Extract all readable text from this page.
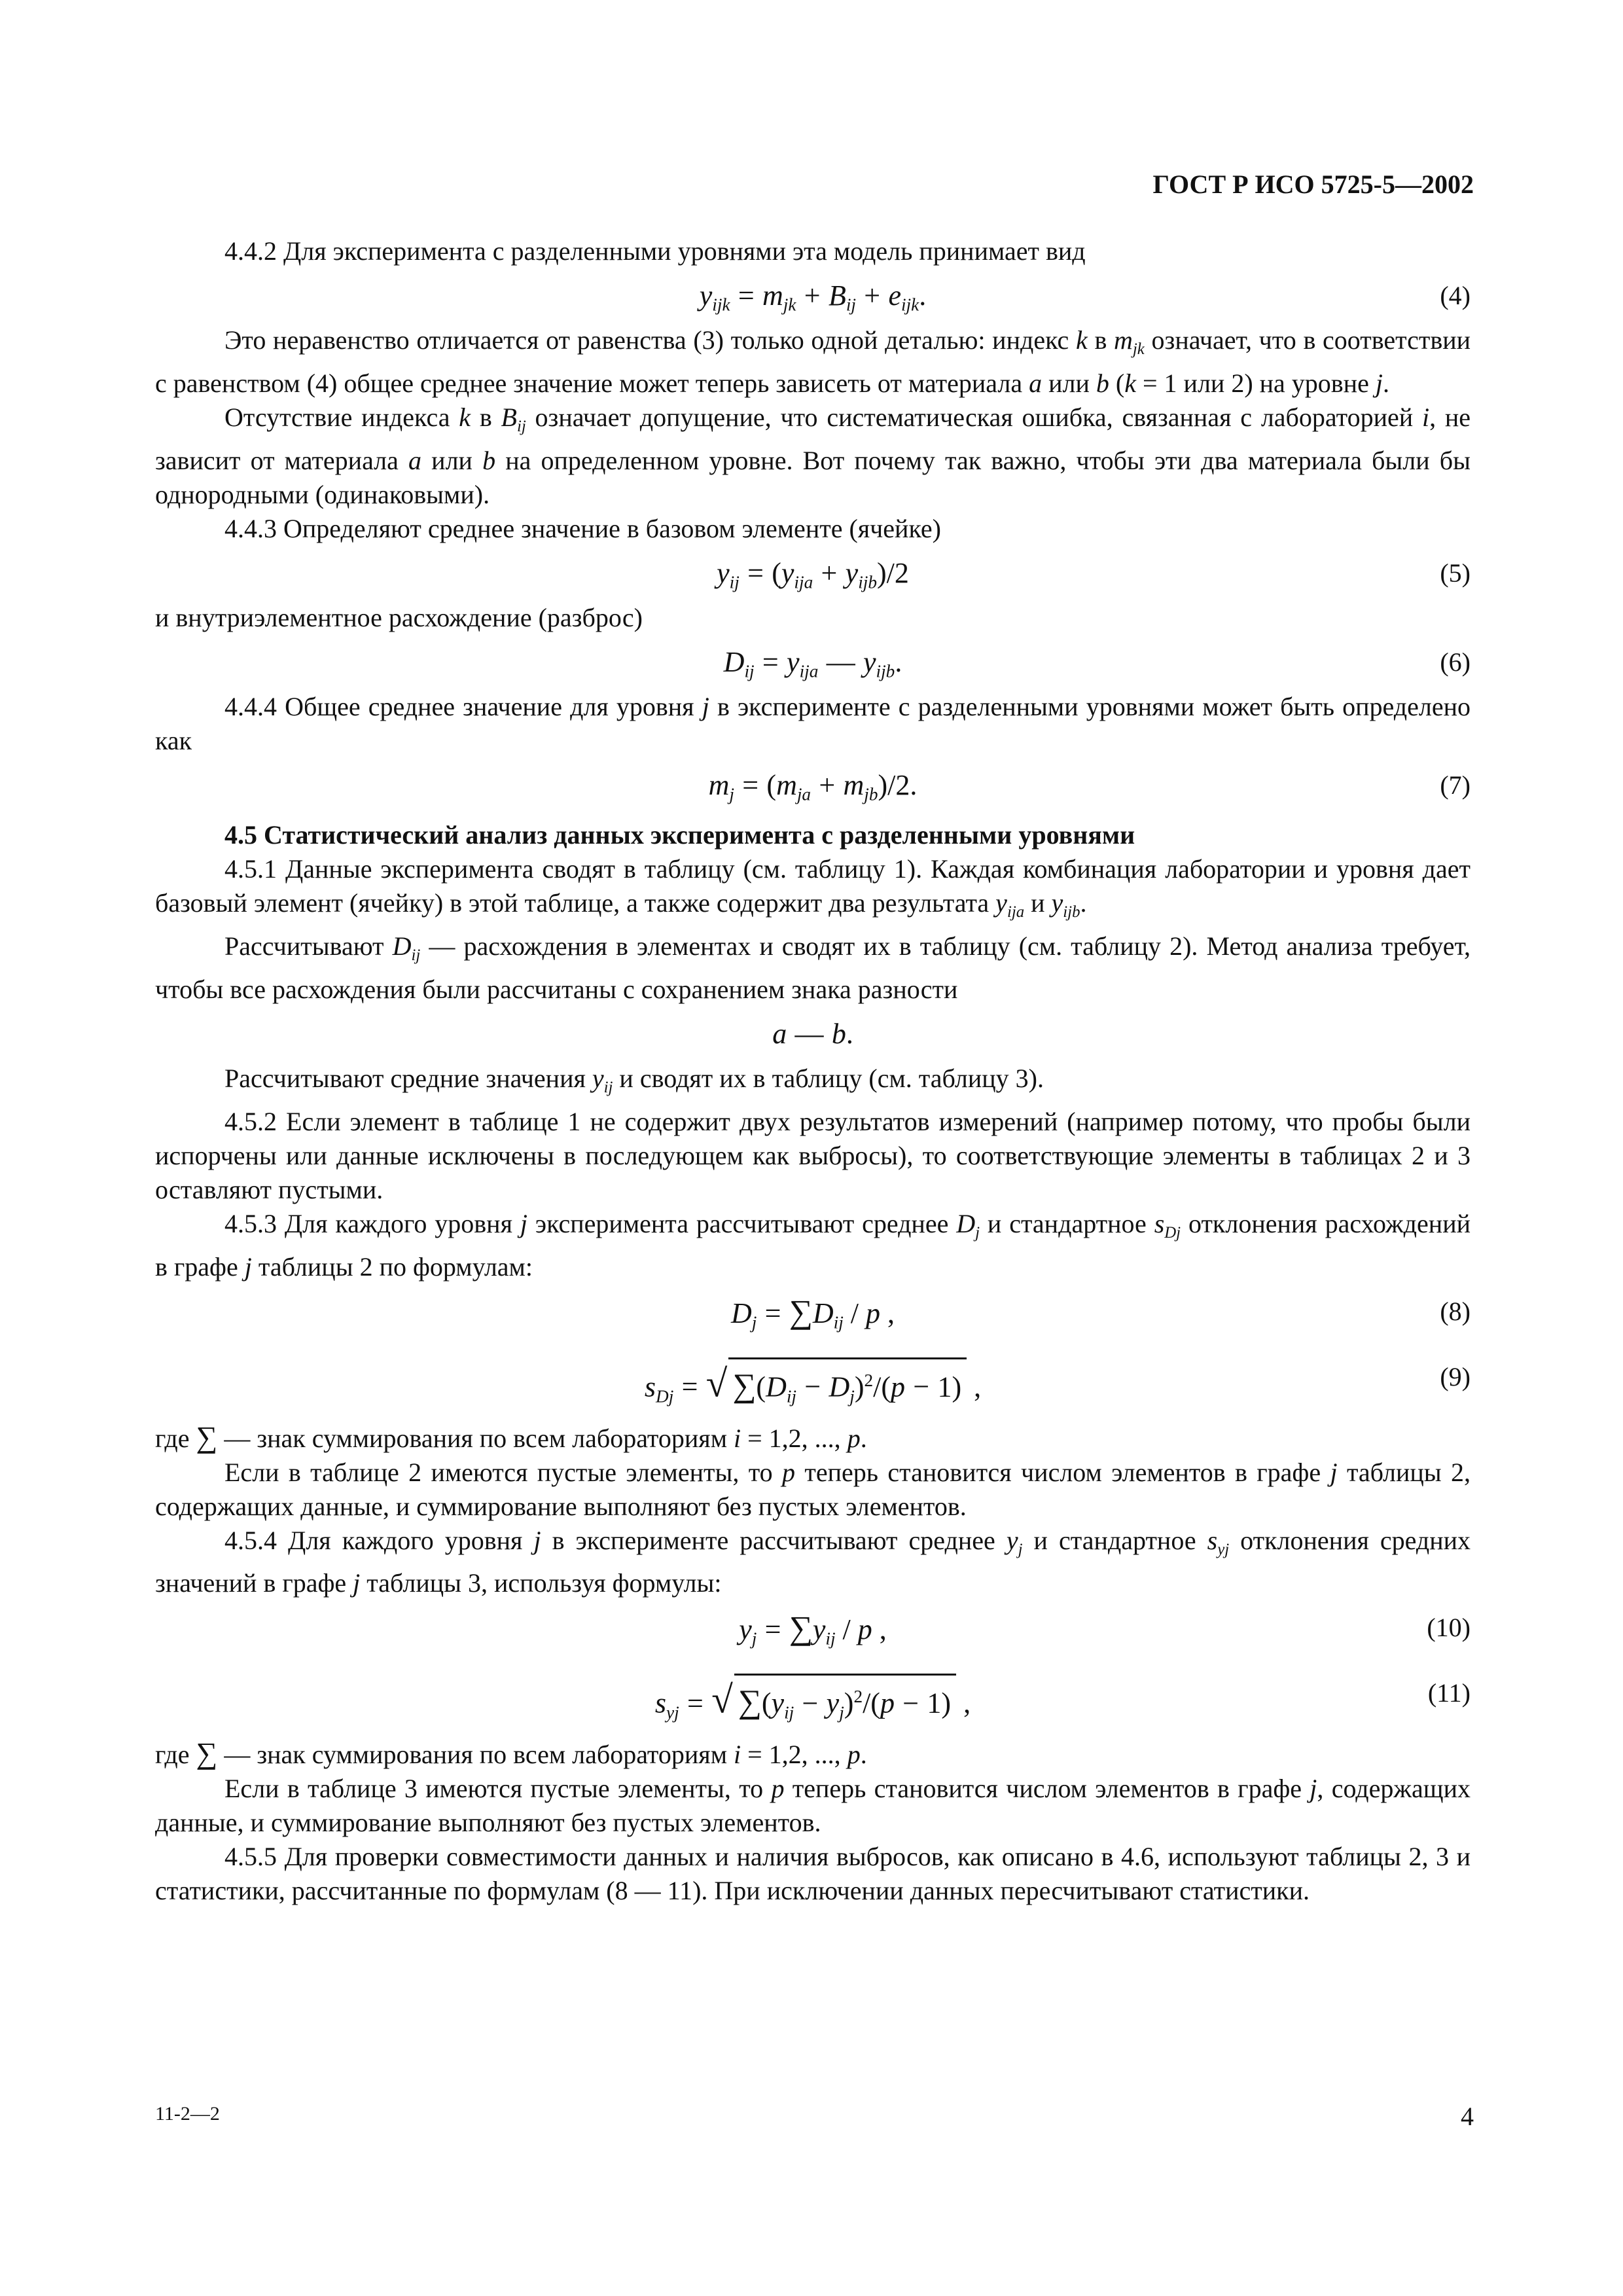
ГОСТ Р ИСО 5725-5—2002

4.4.2 Для эксперимента с разделенными уровнями эта модель принимает вид

$y_{ijk} = m_{jk} + B_{ij} + e_{ijk}$.	(4)

Это неравенство отличается от равенства (3) только одной деталью: индекс k в $m_{jk}$ означает, что в соответствии с равенством (4) общее среднее значение может теперь зависеть от материала a или b (k = 1 или 2) на уровне j.

Отсутствие индекса k в $B_{ij}$ означает допущение, что систематическая ошибка, связанная с лабораторией i, не зависит от материала a или b на определенном уровне. Вот почему так важно, чтобы эти два материала были бы однородными (одинаковыми).

4.4.3 Определяют среднее значение в базовом элементе (ячейке)

$y_{ij} = (y_{ija} + y_{ijb})/2$	(5)

и внутриэлементное расхождение (разброс)

$D_{ij} = y_{ija}$ — $y_{ijb}$.	(6)

4.4.4 Общее среднее значение для уровня j в эксперименте с разделенными уровнями может быть определено как

$m_j = (m_{ja} + m_{jb})/2$.	(7)

4.5 Статистический анализ данных эксперимента с разделенными уровнями

4.5.1 Данные эксперимента сводят в таблицу (см. таблицу 1). Каждая комбинация лаборатории и уровня дает базовый элемент (ячейку) в этой таблице, а также содержит два результата $y_{ija}$ и $y_{ijb}$.

Рассчитывают $D_{ij}$ — расхождения в элементах и сводят их в таблицу (см. таблицу 2). Метод анализа требует, чтобы все расхождения были рассчитаны с сохранением знака разности

a — b.

Рассчитывают средние значения $y_{ij}$ и сводят их в таблицу (см. таблицу 3).

4.5.2 Если элемент в таблице 1 не содержит двух результатов измерений (например потому, что пробы были испорчены или данные исключены в последующем как выбросы), то соответствующие элементы в таблицах 2 и 3 оставляют пустыми.

4.5.3 Для каждого уровня j эксперимента рассчитывают среднее $D_j$ и стандартное $s_{Dj}$ отклонения расхождений в графе j таблицы 2 по формулам:

$D_j = \sum D_{ij} / p$ ,	(8)
$s_{Dj}$ = √ $\sum(D_{ij} - D_j)^2/(p - 1)$ ,	(9)

где ∑ — знак суммирования по всем лабораториям i = 1,2, ..., p.

Если в таблице 2 имеются пустые элементы, то p теперь становится числом элементов в графе j таблицы 2, содержащих данные, и суммирование выполняют без пустых элементов.

4.5.4 Для каждого уровня j в эксперименте рассчитывают среднее $y_j$ и стандартное $s_{yj}$ отклонения средних значений в графе j таблицы 3, используя формулы:

$y_j = \sum y_{ij} / p$ ,	(10)
$s_{yj}$ = √ $\sum(y_{ij} - y_j)^2/(p - 1)$ ,	(11)

где ∑ — знак суммирования по всем лабораториям i = 1,2, ..., p.

Если в таблице 3 имеются пустые элементы, то p теперь становится числом элементов в графе j, содержащих данные, и суммирование выполняют без пустых элементов.

4.5.5 Для проверки совместимости данных и наличия выбросов, как описано в 4.6, используют таблицы 2, 3 и статистики, рассчитанные по формулам (8 — 11). При исключении данных пересчитывают статистики.

11-2—2	4
